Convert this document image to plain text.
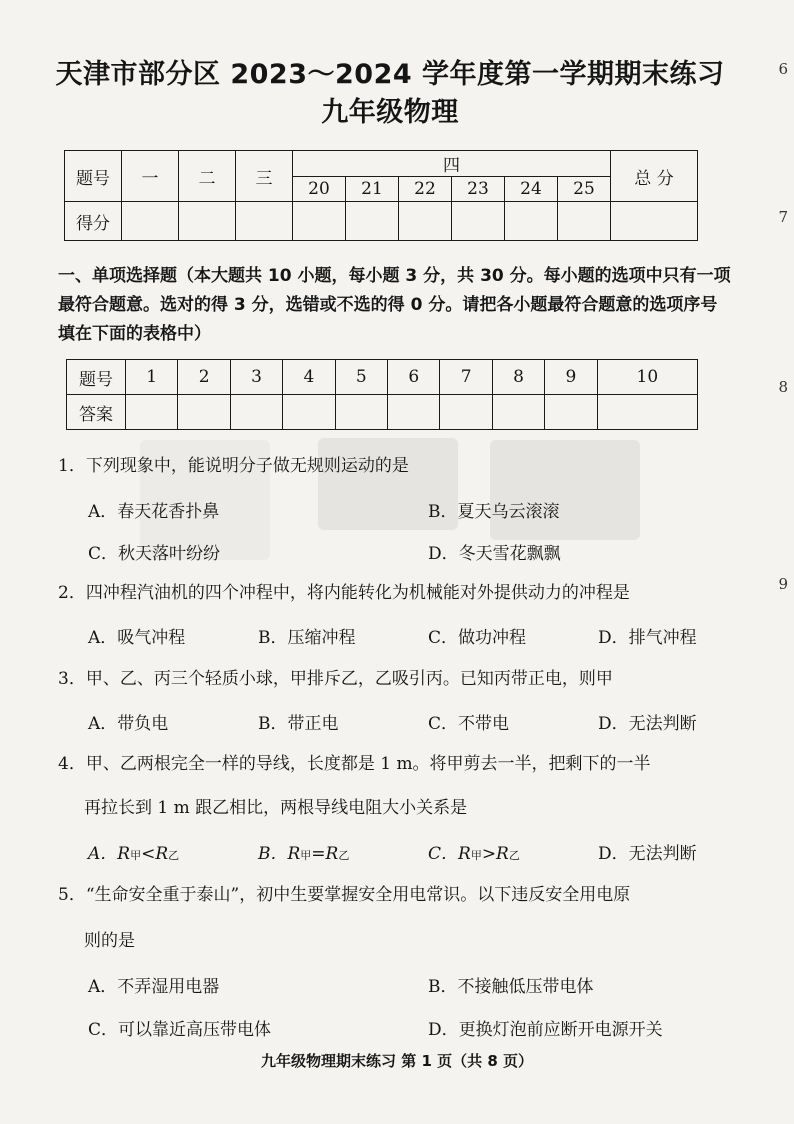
6
7
8
9
天津市部分区 2023～2024 学年度第一学期期末练习
九年级物理
题号	一	二	三	四						总 分
				20	21	22	23	24	25	
得分										
一、单项选择题（本大题共 10 小题，每小题 3 分，共 30 分。每小题的选项中只有一项最符合题意。选对的得 3 分，选错或不选的得 0 分。请把各小题最符合题意的选项序号填在下面的表格中）
题号	1	2	3	4	5	6	7	8	9	10
答案										
1．下列现象中，能说明分子做无规则运动的是
A．春天花香扑鼻	B．夏天乌云滚滚
C．秋天落叶纷纷	D．冬天雪花飘飘
2．四冲程汽油机的四个冲程中，将内能转化为机械能对外提供动力的冲程是
A．吸气冲程	B．压缩冲程	C．做功冲程	D．排气冲程
3．甲、乙、丙三个轻质小球，甲排斥乙，乙吸引丙。已知丙带正电，则甲
A．带负电	B．带正电	C．不带电	D．无法判断
4．甲、乙两根完全一样的导线，长度都是 1 m。将甲剪去一半，把剩下的一半
再拉长到 1 m 跟乙相比，两根导线电阻大小关系是
A．R甲<R乙	B．R甲=R乙	C．R甲>R乙	D．无法判断
5．“生命安全重于泰山”，初中生要掌握安全用电常识。以下违反安全用电原
则的是
A．不弄湿用电器	B．不接触低压带电体
C．可以靠近高压带电体	D．更换灯泡前应断开电源开关
九年级物理期末练习 第 1 页（共 8 页）
